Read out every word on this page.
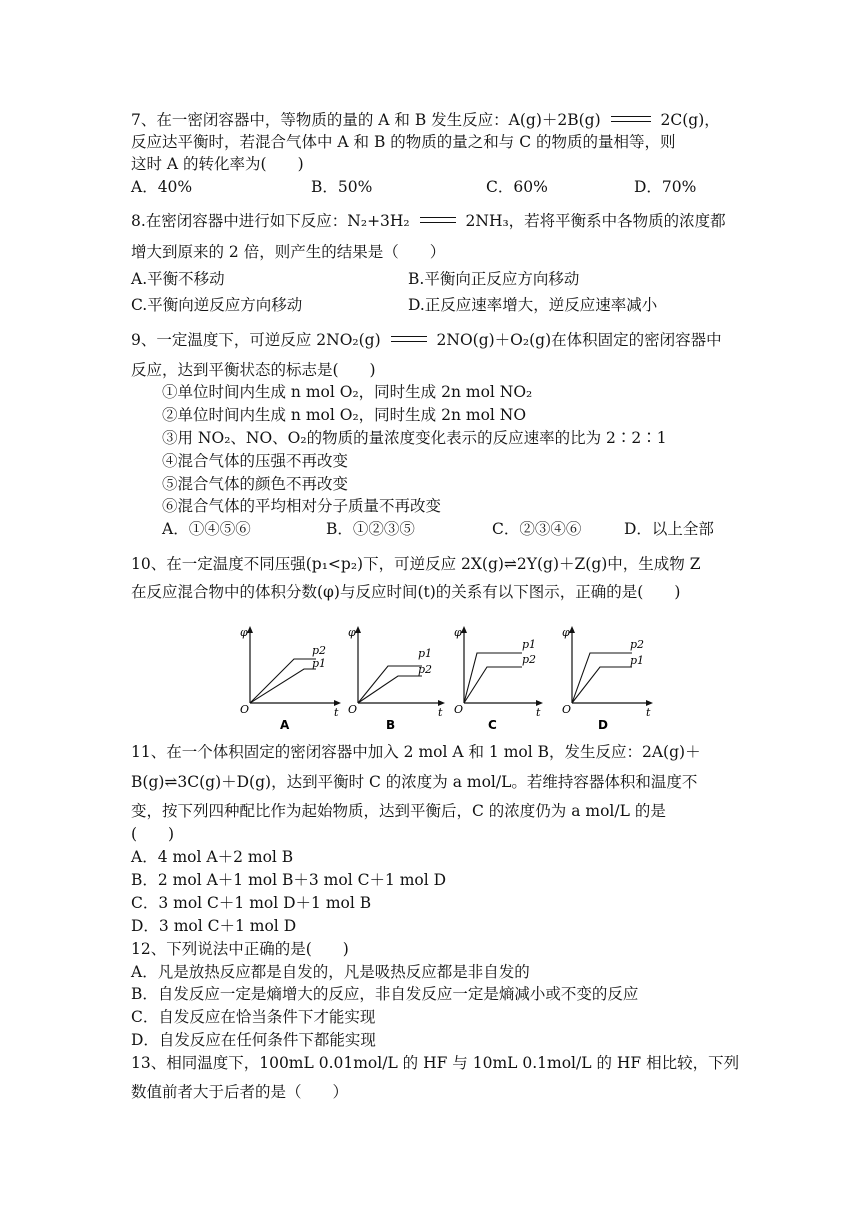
7、在一密闭容器中，等物质的量的 A 和 B 发生反应：A(g)＋2B(g)	2C(g)，
反应达平衡时，若混合气体中 A 和 B 的物质的量之和与 C 的物质的量相等，则
这时 A 的转化率为(　　)
A．40%	B．50%	C．60%	D．70%
8.在密闭容器中进行如下反应：N₂+3H₂	2NH₃，若将平衡系中各物质的浓度都
增大到原来的 2 倍，则产生的结果是（　　）
A.平衡不移动	B.平衡向正反应方向移动
C.平衡向逆反应方向移动	D.正反应速率增大，逆反应速率减小
9、一定温度下，可逆反应 2NO₂(g)	2NO(g)＋O₂(g)在体积固定的密闭容器中
反应，达到平衡状态的标志是(　　)
①单位时间内生成 n mol O₂，同时生成 2n mol NO₂
②单位时间内生成 n mol O₂，同时生成 2n mol NO
③用 NO₂、NO、O₂的物质的量浓度变化表示的反应速率的比为 2∶2∶1
④混合气体的压强不再改变
⑤混合气体的颜色不再改变
⑥混合气体的平均相对分子质量不再改变
A．①④⑤⑥	B．①②③⑤	C．②③④⑥	D．以上全部
10、在一定温度不同压强(p₁<p₂)下，可逆反应 2X(g)⇌2Y(g)＋Z(g)中，生成物 Z
在反应混合物中的体积分数(φ)与反应时间(t)的关系有以下图示，正确的是(　　)
φ
O	t
p2
p1
A
φ
O	t
p1
p2
B
φ
O	t
p1
p2
C
φ
O	t
p2
p1
D
11、在一个体积固定的密闭容器中加入 2 mol A 和 1 mol B，发生反应：2A(g)＋
B(g)⇌3C(g)＋D(g)，达到平衡时 C 的浓度为 a mol/L。若维持容器体积和温度不
变，按下列四种配比作为起始物质，达到平衡后，C 的浓度仍为 a mol/L 的是
(　　)
A．4 mol A＋2 mol B
B．2 mol A＋1 mol B＋3 mol C＋1 mol D
C．3 mol C＋1 mol D＋1 mol B
D．3 mol C＋1 mol D
12、下列说法中正确的是(　　)
A．凡是放热反应都是自发的，凡是吸热反应都是非自发的
B．自发反应一定是熵增大的反应，非自发反应一定是熵减小或不变的反应
C．自发反应在恰当条件下才能实现
D．自发反应在任何条件下都能实现
13、相同温度下，100mL 0.01mol/L 的 HF 与 10mL 0.1mol/L 的 HF 相比较，下列
数值前者大于后者的是（　　）
